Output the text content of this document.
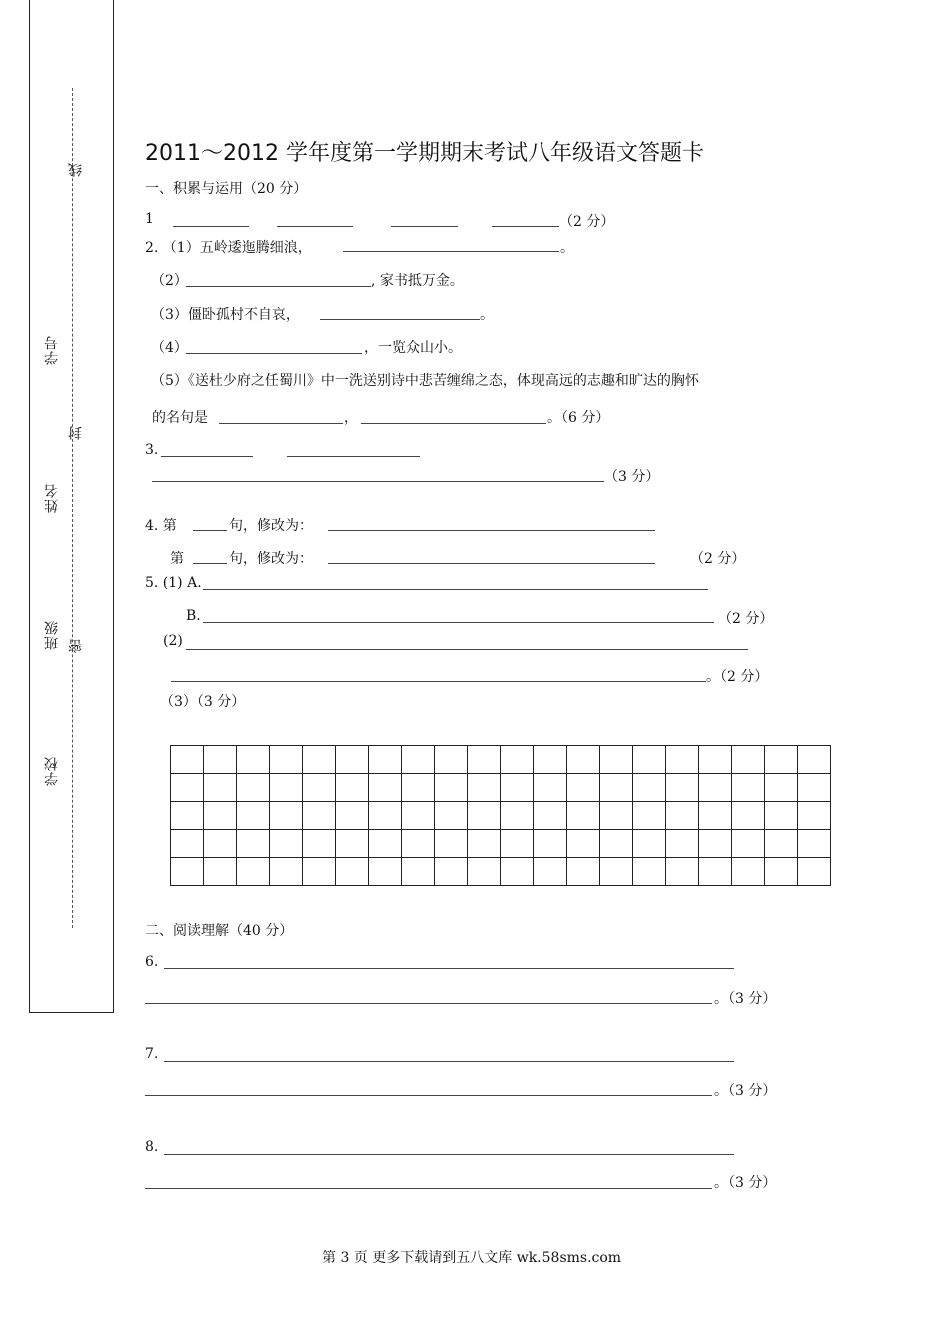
线
封
密
学号
姓名
班级
学校
2011～2012 学年度第一学期期末考试八年级语文答题卡
一、积累与运用（20 分）
1	（2 分）
2. （1）五岭逶迤腾细浪，	。
（2）	, 家书抵万金。
（3）僵卧孤村不自哀，	。
（4）	，一览众山小。
（5）《送杜少府之任蜀川》中一洗送别诗中悲苦缠绵之态，体现高远的志趣和旷达的胸怀
的名句是	，	。（6 分）
3.
（3 分）
4. 第	句，修改为：
第	句，修改为：	（2 分）
5. (1) A.
B.	（2 分）
(2)
。（2 分）
（3）（3 分）

二、阅读理解（40 分）
6.
。（3 分）
7.
。（3 分）
8.
。（3 分）
第 3 页 更多下载请到五八文库 wk.58sms.com
